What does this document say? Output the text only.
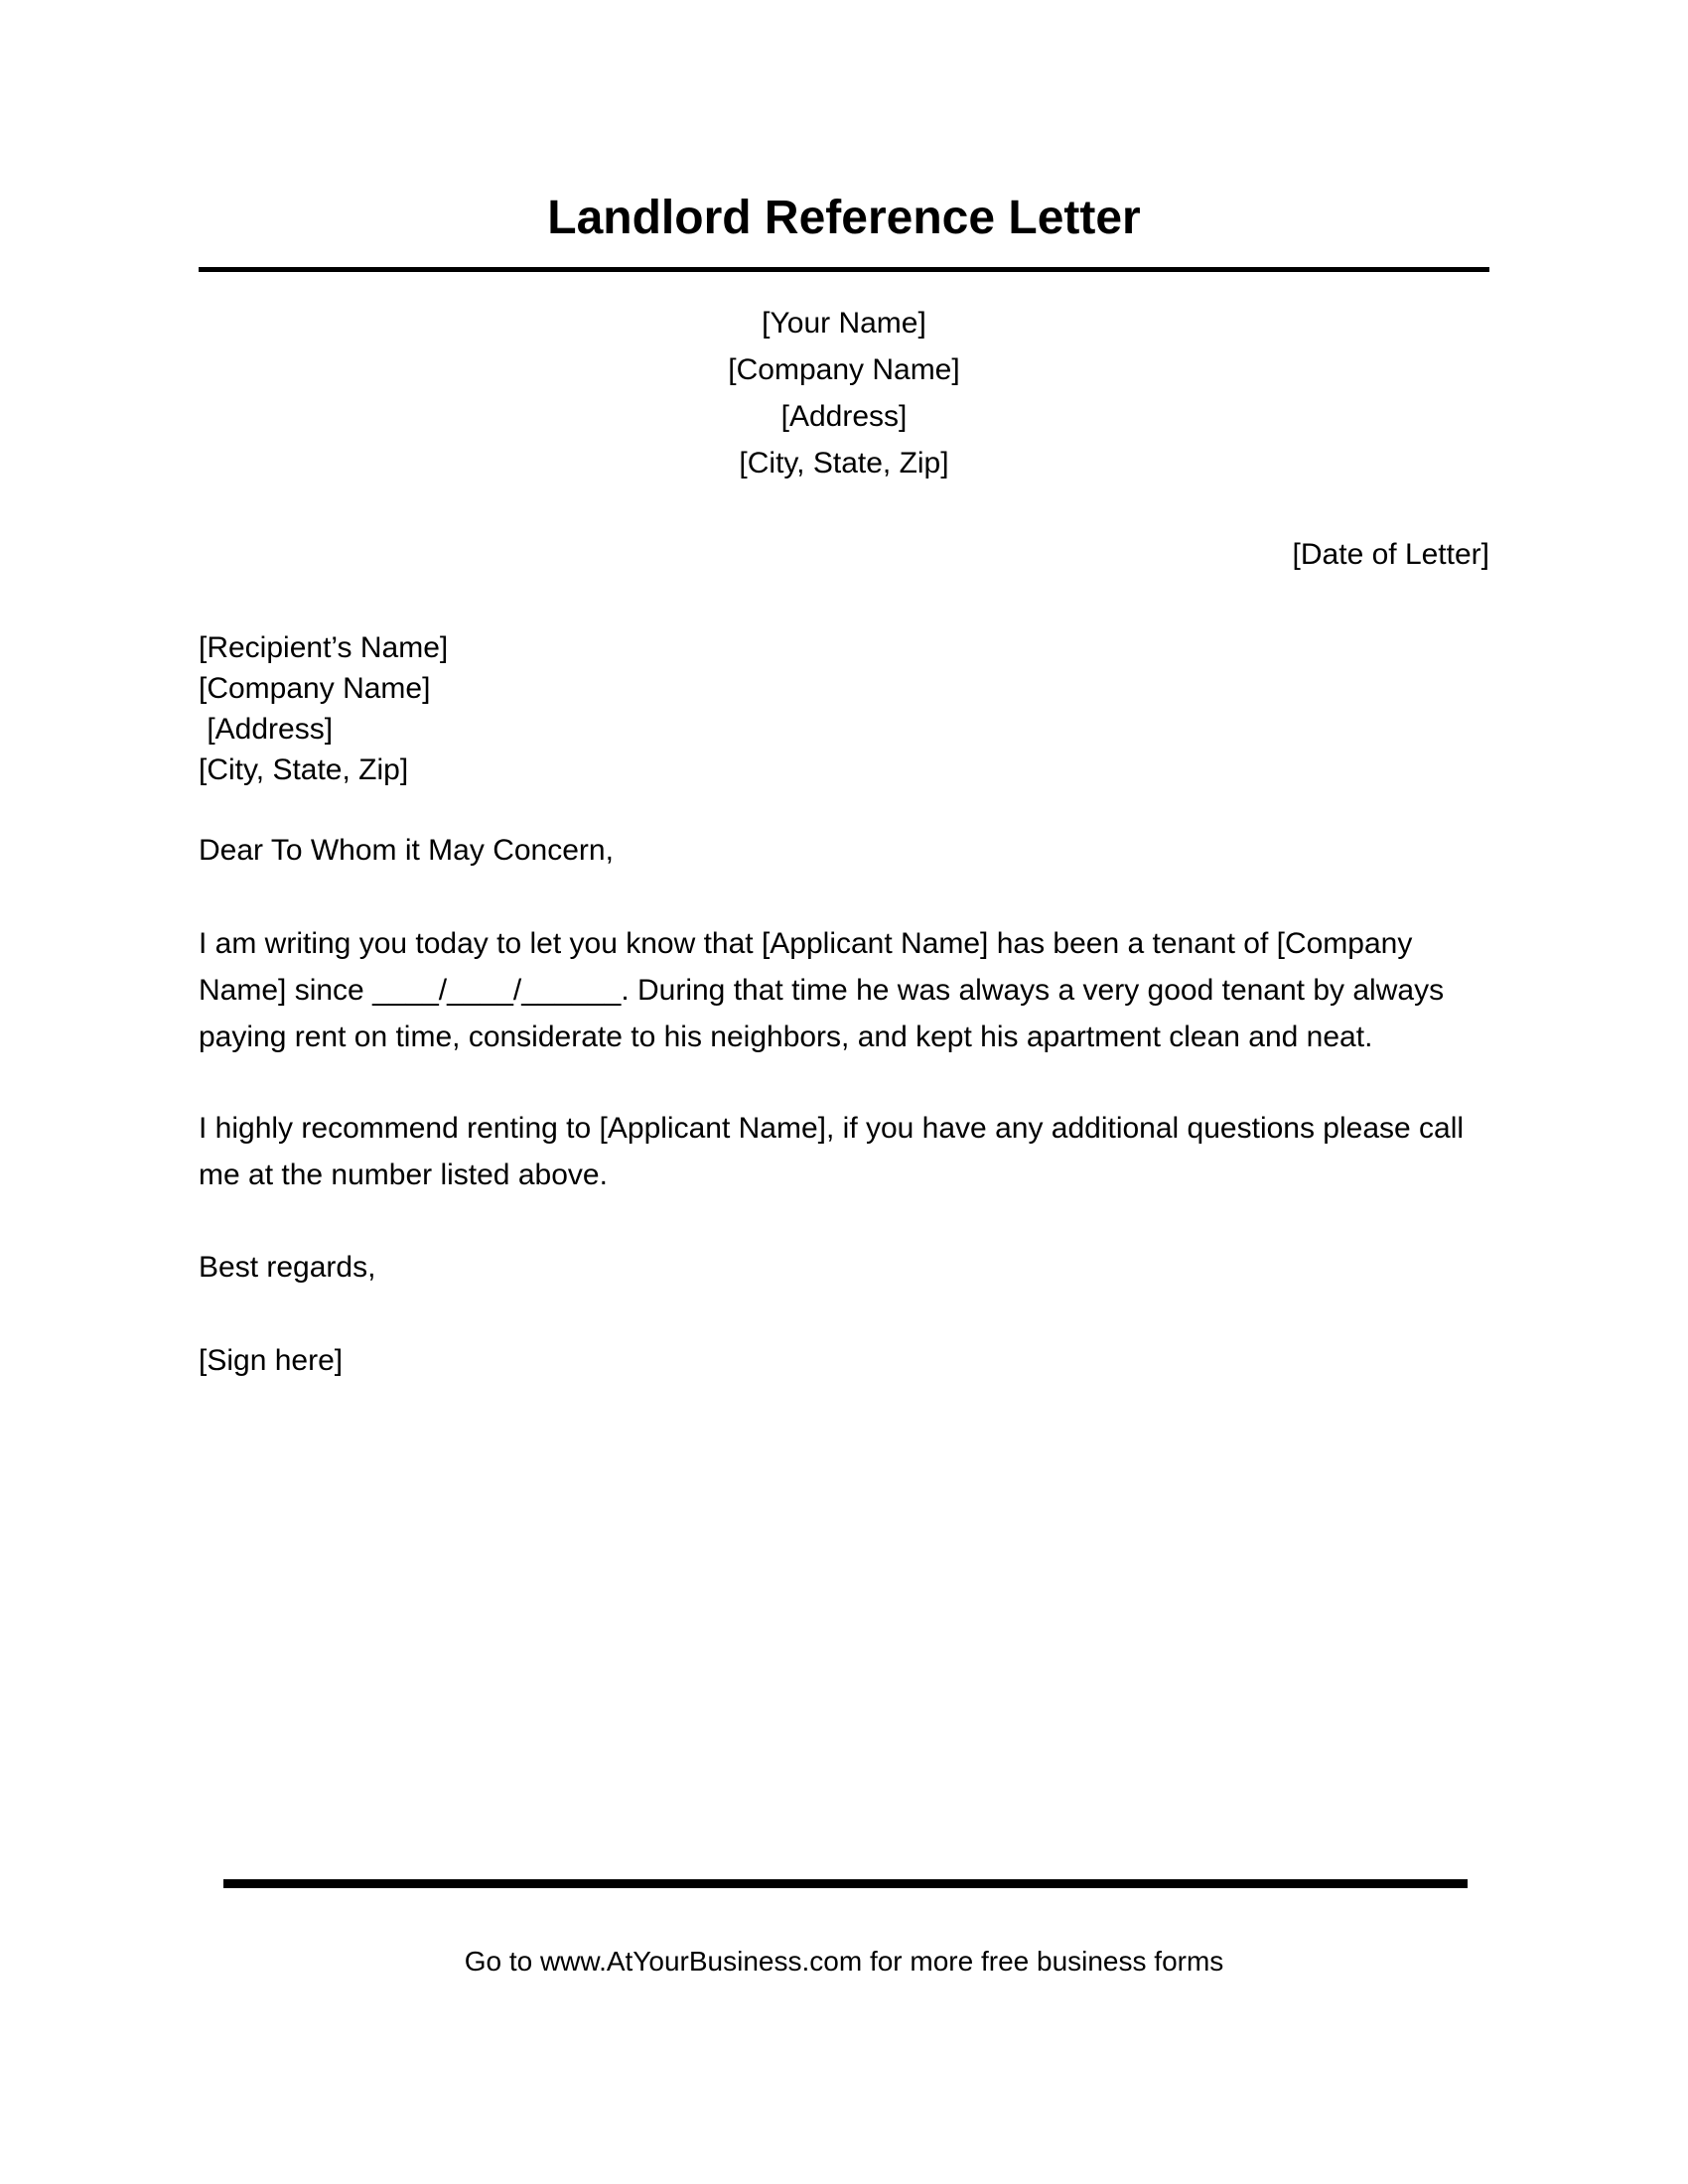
Landlord Reference Letter
[Your Name]
[Company Name]
[Address]
[City, State, Zip]
[Date of Letter]
[Recipient’s Name]
[Company Name]
[Address]
[City, State, Zip]
Dear To Whom it May Concern,

I am writing you today to let you know that [Applicant Name] has been a tenant of [Company Name] since ____/____/______. During that time he was always a very good tenant by always paying rent on time, considerate to his neighbors, and kept his apartment clean and neat.

I highly recommend renting to [Applicant Name], if you have any additional questions please call me at the number listed above.

Best regards,
[Sign here]
Go to www.AtYourBusiness.com for more free business forms
